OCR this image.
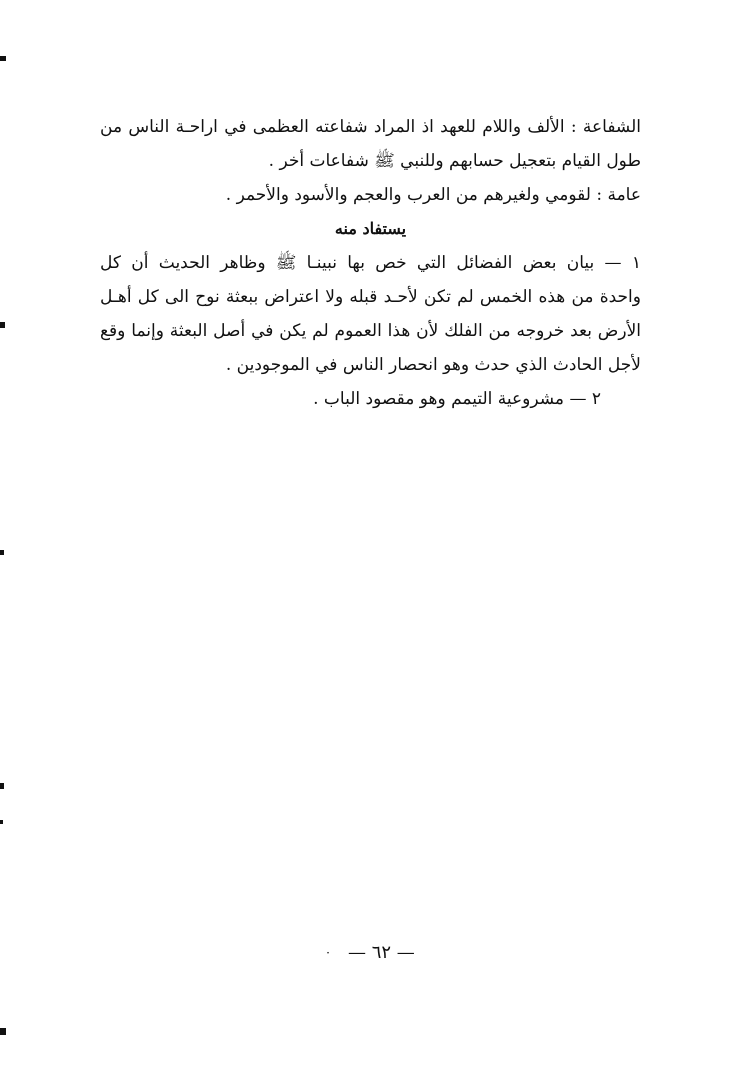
الشفاعة : الألف واللام للعهد اذ المراد شفاعته العظمى في اراحـة الناس من
طول القيام بتعجيل حسابهم وللنبي ﷺ شفاعات أخر .
عامة : لقومي ولغيرهم من العرب والعجم والأسود والأحمر .
يستفاد منه
١ — بيان بعض الفضائل التي خص بها نبينـا ﷺ وظاهر الحديث أن كل
واحدة من هذه الخمس لم تكن لأحـد قبله ولا اعتراض ببعثة نوح الى كل أهـل
الأرض بعد خروجه من الفلك لأن هذا العموم لم يكن في أصل البعثة وإنما وقع
لأجل الحادث الذي حدث وهو انحصار الناس في الموجودين .
٢ — مشروعية التيمم وهو مقصود الباب .
— ٦٢ —·
